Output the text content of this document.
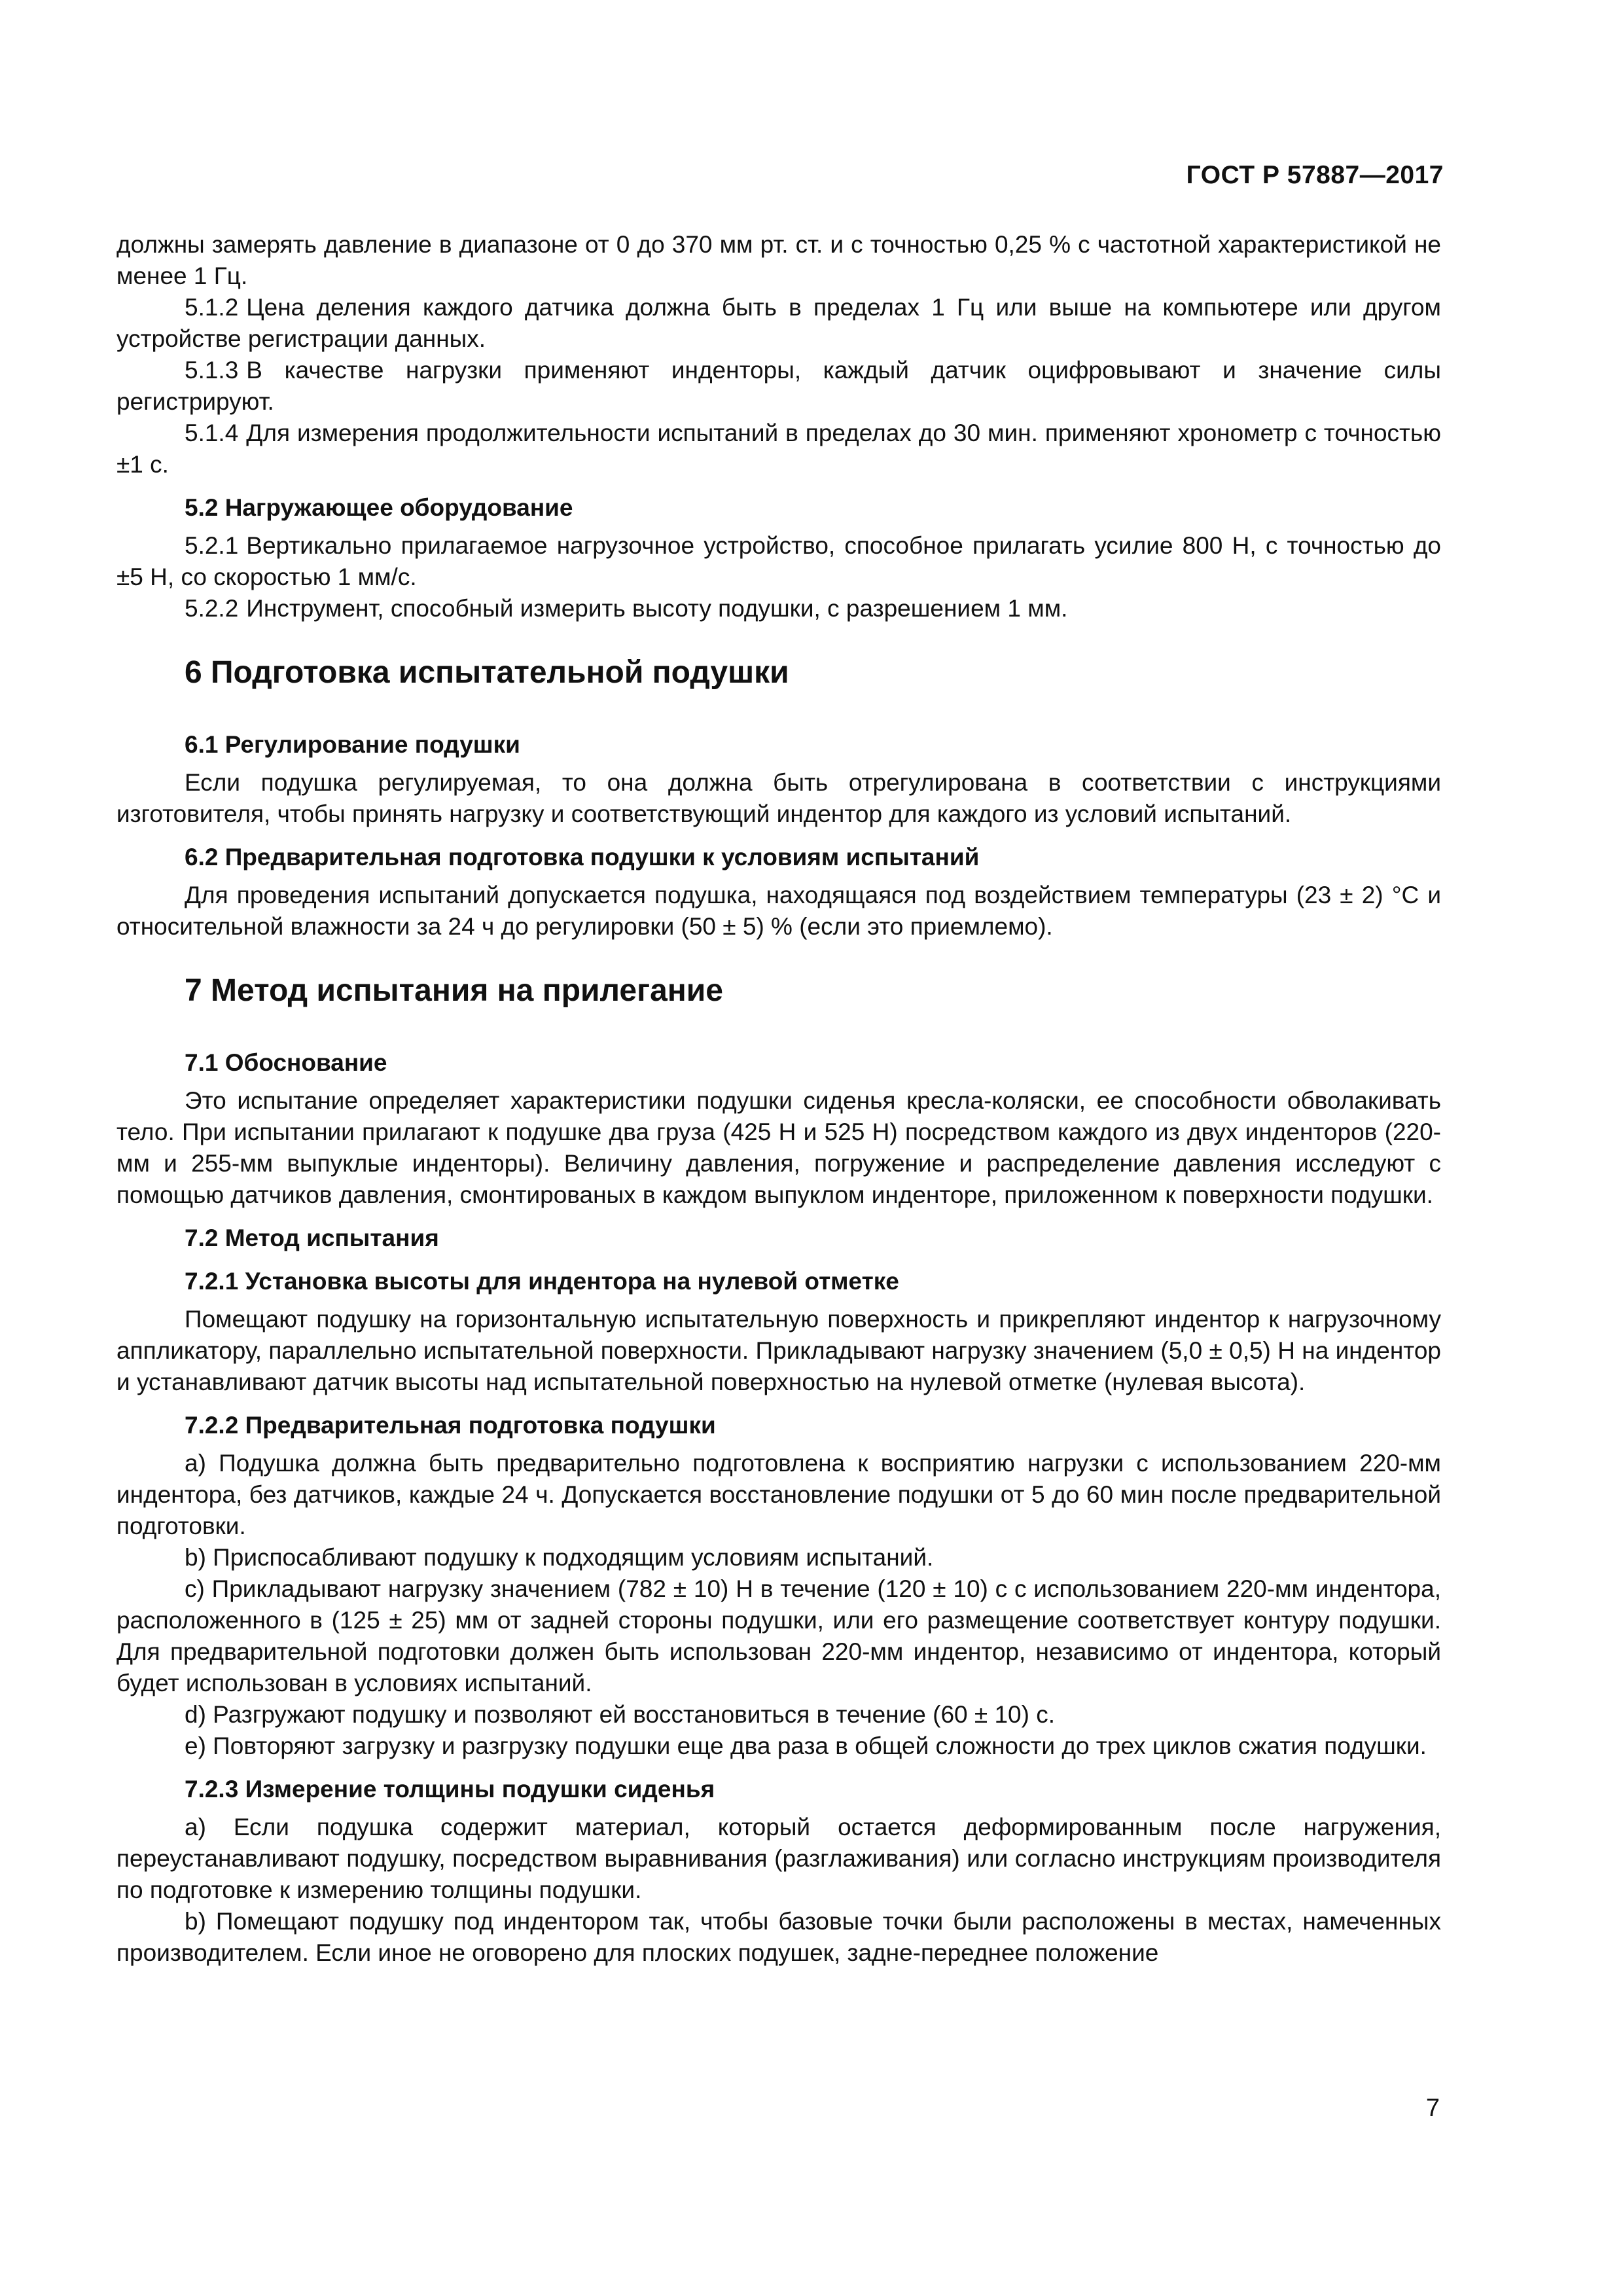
ГОСТ Р 57887—2017

должны замерять давление в диапазоне от 0 до 370 мм рт. ст. и с точностью 0,25 % с частотной характеристикой не менее 1 Гц.

5.1.2 Цена деления каждого датчика должна быть в пределах 1 Гц или выше на компьютере или другом устройстве регистрации данных.

5.1.3 В качестве нагрузки применяют инденторы, каждый датчик оцифровывают и значение силы регистрируют.

5.1.4 Для измерения продолжительности испытаний в пределах до 30 мин. применяют хронометр с точностью ±1 с.

5.2 Нагружающее оборудование

5.2.1 Вертикально прилагаемое нагрузочное устройство, способное прилагать усилие 800 Н, с точностью до ±5 Н, со скоростью 1 мм/с.

5.2.2 Инструмент, способный измерить высоту подушки, с разрешением 1 мм.

6 Подготовка испытательной подушки
6.1 Регулирование подушки

Если подушка регулируемая, то она должна быть отрегулирована в соответствии с инструкциями изготовителя, чтобы принять нагрузку и соответствующий индентор для каждого из условий испытаний.

6.2 Предварительная подготовка подушки к условиям испытаний

Для проведения испытаний допускается подушка, находящаяся под воздействием температуры (23 ± 2) °C и относительной влажности за 24 ч до регулировки (50 ± 5) % (если это приемлемо).

7 Метод испытания на прилегание
7.1 Обоснование

Это испытание определяет характеристики подушки сиденья кресла-коляски, ее способности обволакивать тело. При испытании прилагают к подушке два груза (425 Н и 525 Н) посредством каждого из двух инденторов (220-мм и 255-мм выпуклые инденторы). Величину давления, погружение и распределение давления исследуют с помощью датчиков давления, смонтированых в каждом выпуклом инденторе, приложенном к поверхности подушки.

7.2 Метод испытания
7.2.1 Установка высоты для индентора на нулевой отметке

Помещают подушку на горизонтальную испытательную поверхность и прикрепляют индентор к нагрузочному аппликатору, параллельно испытательной поверхности. Прикладывают нагрузку значением (5,0 ± 0,5) Н на индентор и устанавливают датчик высоты над испытательной поверхностью на нулевой отметке (нулевая высота).

7.2.2 Предварительная подготовка подушки

a) Подушка должна быть предварительно подготовлена к восприятию нагрузки с использованием 220-мм индентора, без датчиков, каждые 24 ч. Допускается восстановление подушки от 5 до 60 мин после предварительной подготовки.

b) Приспосабливают подушку к подходящим условиям испытаний.

c) Прикладывают нагрузку значением (782 ± 10) Н в течение (120 ± 10) с с использованием 220-мм индентора, расположенного в (125 ± 25) мм от задней стороны подушки, или его размещение соответствует контуру подушки. Для предварительной подготовки должен быть использован 220-мм индентор, независимо от индентора, который будет использован в условиях испытаний.

d) Разгружают подушку и позволяют ей восстановиться в течение (60 ± 10) с.

e) Повторяют загрузку и разгрузку подушки еще два раза в общей сложности до трех циклов сжатия подушки.

7.2.3 Измерение толщины подушки сиденья

a) Если подушка содержит материал, который остается деформированным после нагружения, переустанавливают подушку, посредством выравнивания (разглаживания) или согласно инструкциям производителя по подготовке к измерению толщины подушки.

b) Помещают подушку под индентором так, чтобы базовые точки были расположены в местах, намеченных производителем. Если иное не оговорено для плоских подушек, задне-переднее положение

7
